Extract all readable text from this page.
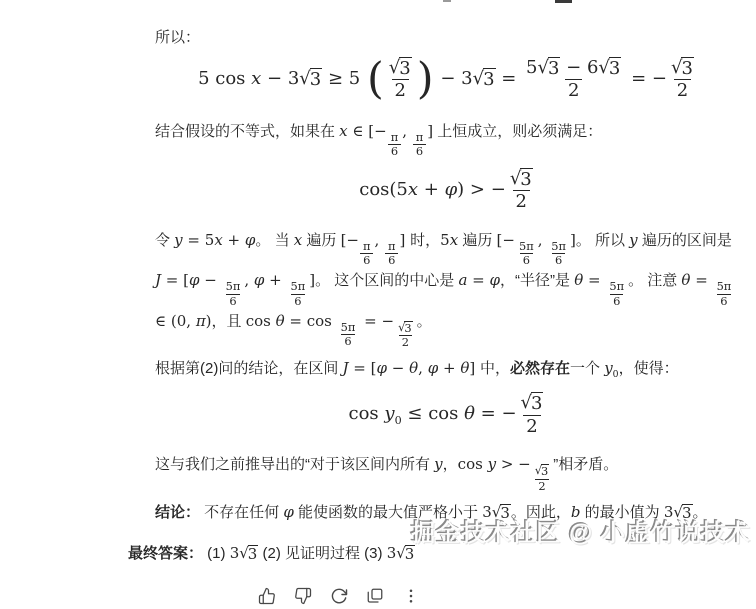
所以：

5 cos x − 3 √ 3 ≥ 5 ( $\frac{√ 3}{2}$ ) − 3 √ $3 = \frac{5 √ 3 - 6 √ 3}{2}$ = − $\frac{√ 3}{2}$

结合假设的不等式，如果在 x ∈ [−
$\frac{\pi}{6}$
,
$\frac{\pi}{6}$
] 上恒成立，则必须满足：

cos(5x + φ) > − $\frac{√ 3}{2}$

令 y = 5x + φ。 当 x 遍历 [−
$\frac{\pi}{6}$
,
$\frac{\pi}{6}$
] 时，5x 遍历 [−
$\frac{5\pi}{6}$
,
$\frac{5\pi}{6}$
]。 所以 y 遍历的区间是 J = [φ −
$\frac{5\pi}{6}$
, φ +
$\frac{5\pi}{6}$
]。 这个区间的中心是 a = φ，“半径”是 θ =
$\frac{5\pi}{6}$ 。 注意 θ =
$\frac{5\pi}{6}$
∈ (0, π)，且 cos θ = cos
$\frac{5\pi}{6}$
= −
$\frac{√ 3}{2}$ 。

根据第(2)问的结论，在区间 J = [φ − θ, φ + θ] 中，必然存在一个 $y_0$，使得：

$\cos y_0 \le \cos \theta$ = − $\frac{√ 3}{2}$

这与我们之前推导出的“对于该区间内所有 y，cos y > −
$\frac{√ 3}{2}$ ”相矛盾。

结论： 不存在任何 φ 能使函数的最大值严格小于 3 √ 3 。因此，b 的最小值为 3 √ 3 。

最终答案： (1) 3 √ 3 (2) 见证明过程 (3) 3 √ 3

掘金技术社区 @ 小虚竹说技术
